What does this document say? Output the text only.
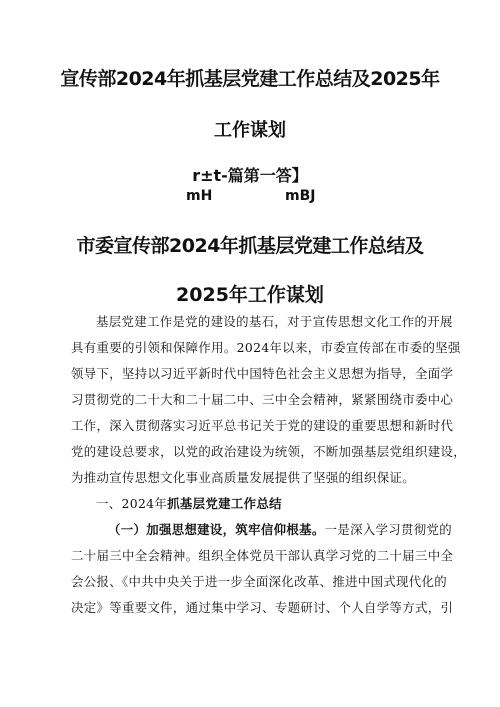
宣传部2024年抓基层党建工作总结及2025年
工作谋划
r±t-篇第一答】
mH	mBJ
市委宣传部2024年抓基层党建工作总结及
2025年工作谋划
基层党建工作是党的建设的基石，对于宣传思想文化工作的开展
具有重要的引领和保障作用。2024年以来，市委宣传部在市委的坚强
领导下，坚持以习近平新时代中国特色社会主义思想为指导，全面学
习贯彻党的二十大和二十届二中、三中全会精神，紧紧围绕市委中心
工作，深入贯彻落实习近平总书记关于党的建设的重要思想和新时代
党的建设总要求，以党的政治建设为统领，不断加强基层党组织建设，
为推动宣传思想文化事业高质量发展提供了坚强的组织保证。
一、2024年抓基层党建工作总结
（一）加强思想建设，筑牢信仰根基。一是深入学习贯彻党的
二十届三中全会精神。组织全体党员干部认真学习党的二十届三中全
会公报、《中共中央关于进一步全面深化改革、推进中国式现代化的
决定》等重要文件，通过集中学习、专题研讨、个人自学等方式，引
